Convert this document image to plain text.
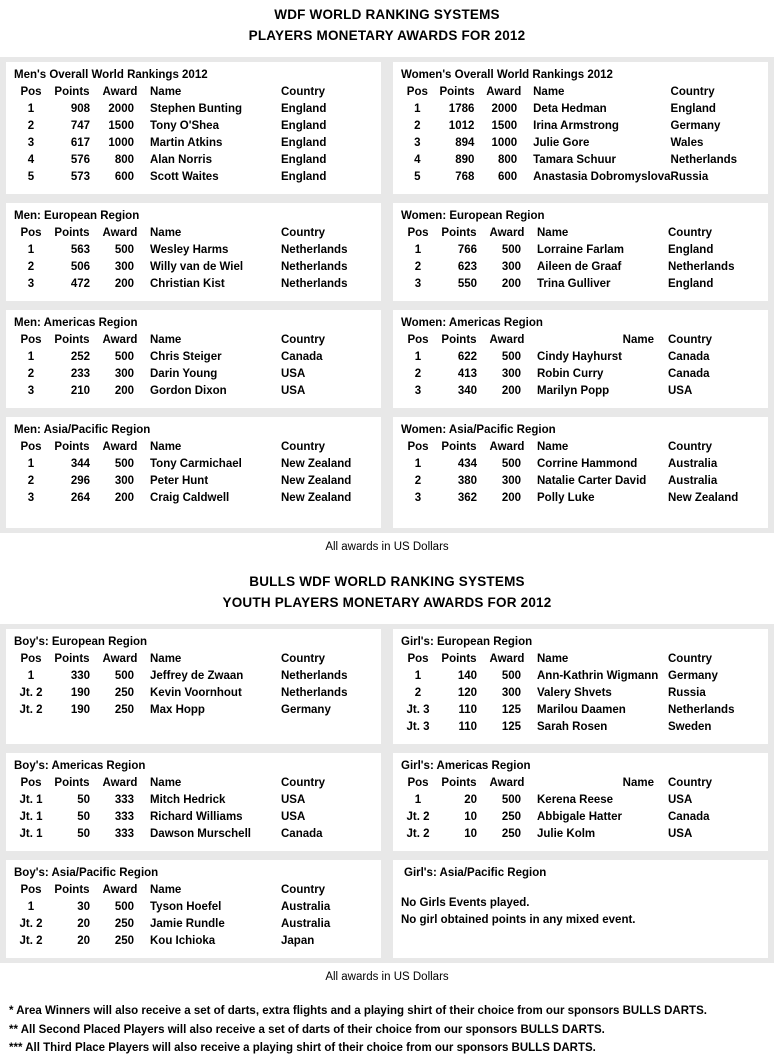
WDF WORLD RANKING SYSTEMS
PLAYERS MONETARY AWARDS FOR 2012
Men's Overall World Rankings 2012
Pos	Points	Award	Name	Country
1	908	2000	Stephen Bunting	England
2	747	1500	Tony O'Shea	England
3	617	1000	Martin Atkins	England
4	576	800	Alan Norris	England
5	573	600	Scott Waites	England
Women's Overall World Rankings 2012
Pos	Points	Award	Name	Country
1	1786	2000	Deta Hedman	England
2	1012	1500	Irina Armstrong	Germany
3	894	1000	Julie Gore	Wales
4	890	800	Tamara Schuur	Netherlands
5	768	600	Anastasia Dobromyslova	Russia
Men: European Region
Pos	Points	Award	Name	Country
1	563	500	Wesley Harms	Netherlands
2	506	300	Willy van de Wiel	Netherlands
3	472	200	Christian Kist	Netherlands
Women: European Region
Pos	Points	Award	Name	Country
1	766	500	Lorraine Farlam	England
2	623	300	Aileen de Graaf	Netherlands
3	550	200	Trina Gulliver	England
Men: Americas Region
Pos	Points	Award	Name	Country
1	252	500	Chris Steiger	Canada
2	233	300	Darin Young	USA
3	210	200	Gordon Dixon	USA
Women: Americas Region
Pos	Points	Award	Name	Country
1	622	500	Cindy Hayhurst	Canada
2	413	300	Robin Curry	Canada
3	340	200	Marilyn Popp	USA
Men: Asia/Pacific Region
Pos	Points	Award	Name	Country
1	344	500	Tony Carmichael	New Zealand
2	296	300	Peter Hunt	New Zealand
3	264	200	Craig Caldwell	New Zealand
Women: Asia/Pacific Region
Pos	Points	Award	Name	Country
1	434	500	Corrine Hammond	Australia
2	380	300	Natalie Carter David	Australia
3	362	200	Polly Luke	New Zealand
All awards in US Dollars
BULLS WDF WORLD RANKING SYSTEMS
YOUTH PLAYERS MONETARY AWARDS FOR 2012
Boy's: European Region
Pos	Points	Award	Name	Country
1	330	500	Jeffrey de Zwaan	Netherlands
Jt. 2	190	250	Kevin Voornhout	Netherlands
Jt. 2	190	250	Max Hopp	Germany
Girl's: European Region
Pos	Points	Award	Name	Country
1	140	500	Ann-Kathrin Wigmann	Germany
2	120	300	Valery Shvets	Russia
Jt. 3	110	125	Marilou Daamen	Netherlands
Jt. 3	110	125	Sarah Rosen	Sweden
Boy's: Americas Region
Pos	Points	Award	Name	Country
Jt. 1	50	333	Mitch Hedrick	USA
Jt. 1	50	333	Richard Williams	USA
Jt. 1	50	333	Dawson Murschell	Canada
Girl's: Americas Region
Pos	Points	Award	Name	Country
1	20	500	Kerena Reese	USA
Jt. 2	10	250	Abbigale Hatter	Canada
Jt. 2	10	250	Julie Kolm	USA
Boy's: Asia/Pacific Region
Pos	Points	Award	Name	Country
1	30	500	Tyson Hoefel	Australia
Jt. 2	20	250	Jamie Rundle	Australia
Jt. 2	20	250	Kou Ichioka	Japan
Girl's: Asia/Pacific Region
No Girls Events played.
No girl obtained points in any mixed event.
All awards in US Dollars
* Area Winners will also receive a set of darts, extra flights and a playing shirt of their choice from our sponsors BULLS DARTS.
** All Second Placed Players will also receive a set of darts of their choice from our sponsors BULLS DARTS.
*** All Third Place Players will also receive a playing shirt of their choice from our sponsors BULLS DARTS.
